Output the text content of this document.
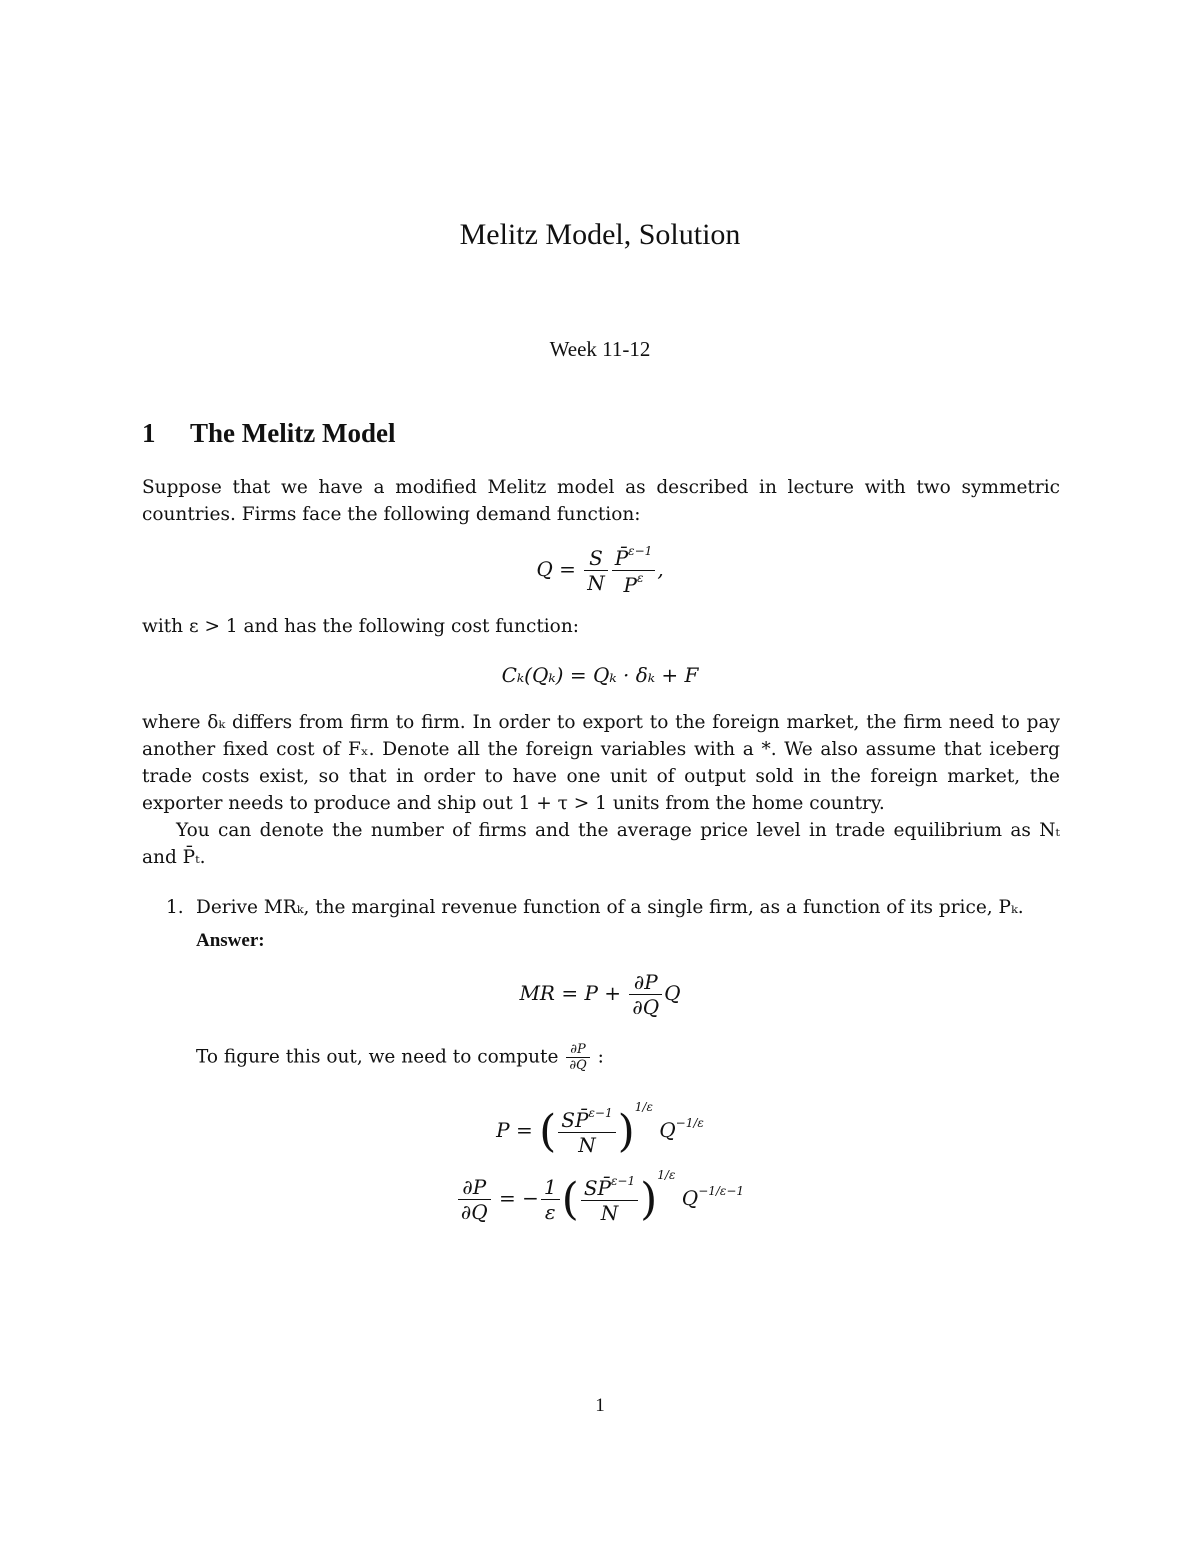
Melitz Model, Solution
Week 11-12
1 The Melitz Model
Suppose that we have a modified Melitz model as described in lecture with two symmetric countries. Firms face the following demand function:
$Q = \frac{S}{N} \frac{P̄^{\varepsilon-1}}{P^\varepsilon}$ ,
with ε > 1 and has the following cost function:
Cₖ(Qₖ) = Qₖ · δₖ + F
where δₖ differs from firm to firm. In order to export to the foreign market, the firm need to pay another fixed cost of Fₓ. Denote all the foreign variables with a *. We also assume that iceberg trade costs exist, so that in order to have one unit of output sold in the foreign market, the exporter needs to produce and ship out 1 + τ > 1 units from the home country.
You can denote the number of firms and the average price level in trade equilibrium as Nₜ and P̄ₜ.
1. Derive MRₖ, the marginal revenue function of a single firm, as a function of its price, Pₖ.
Answer:
MR = $P + \frac{\partial P}{\partial Q}$ Q
To figure this out, we need to compute $\frac{\partial P}{\partial Q}$ :
P = ( $\frac{SP̄^{\varepsilon-1}}{N} )^{1/\varepsilon}$ $Q^{-1/\varepsilon}$
$\frac{\partial P}{\partial Q}$ = − $\frac{1}{\varepsilon}$ ( $\frac{SP̄^{\varepsilon-1}}{N} )^{1/\varepsilon}$ $Q^{-1/\varepsilon-1}$
1
